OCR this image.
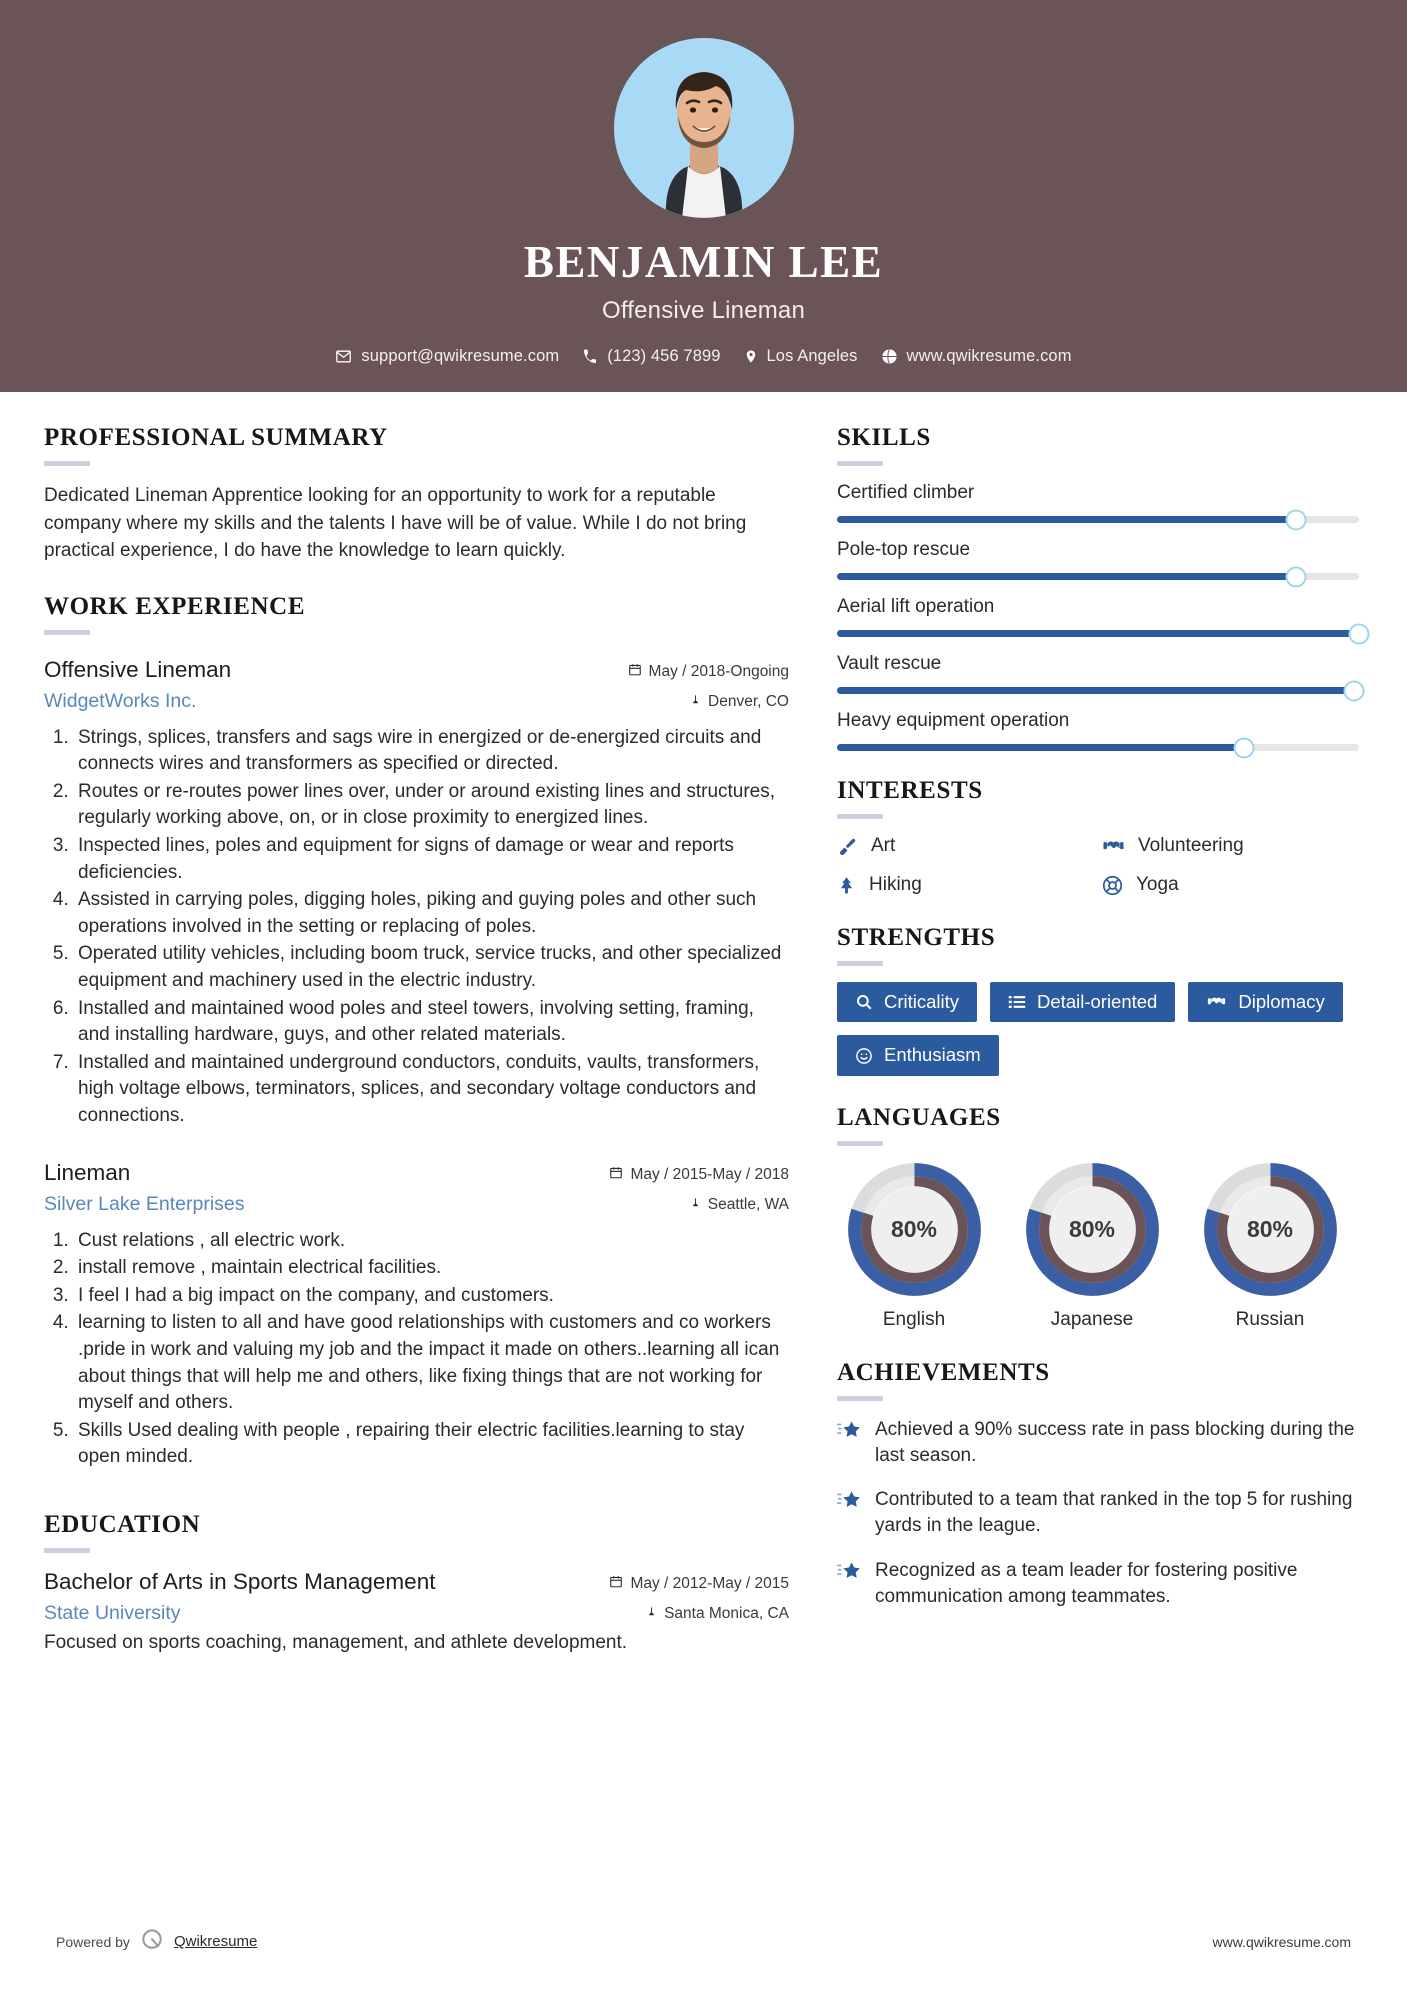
BENJAMIN LEE
Offensive Lineman
support@qwikresume.com	(123) 456 7899	Los Angeles	www.qwikresume.com
PROFESSIONAL SUMMARY

Dedicated Lineman Apprentice looking for an opportunity to work for a reputable company where my skills and the talents I have will be of value. While I do not bring practical experience, I do have the knowledge to learn quickly.

WORK EXPERIENCE
Offensive Lineman	May / 2018-Ongoing
WidgetWorks Inc.	Denver, CO
1. Strings, splices, transfers and sags wire in energized or de-energized circuits and connects wires and transformers as specified or directed.
2. Routes or re-routes power lines over, under or around existing lines and structures, regularly working above, on, or in close proximity to energized lines.
3. Inspected lines, poles and equipment for signs of damage or wear and reports deficiencies.
4. Assisted in carrying poles, digging holes, piking and guying poles and other such operations involved in the setting or replacing of poles.
5. Operated utility vehicles, including boom truck, service trucks, and other specialized equipment and machinery used in the electric industry.
6. Installed and maintained wood poles and steel towers, involving setting, framing, and installing hardware, guys, and other related materials.
7. Installed and maintained underground conductors, conduits, vaults, transformers, high voltage elbows, terminators, splices, and secondary voltage conductors and connections.
Lineman	May / 2015-May / 2018
Silver Lake Enterprises	Seattle, WA
1. Cust relations , all electric work.
2. install remove , maintain electrical facilities.
3. I feel I had a big impact on the company, and customers.
4. learning to listen to all and have good relationships with customers and co workers .pride in work and valuing my job and the impact it made on others..learning all ican about things that will help me and others, like fixing things that are not working for myself and others.
5. Skills Used dealing with people , repairing their electric facilities.learning to stay open minded.
EDUCATION
Bachelor of Arts in Sports Management	May / 2012-May / 2015
State University	Santa Monica, CA
Focused on sports coaching, management, and athlete development.
SKILLS
Certified climber
Pole-top rescue
Aerial lift operation
Vault rescue
Heavy equipment operation
INTERESTS
Art	Volunteering
Hiking	Yoga
STRENGTHS
Criticality	Detail-oriented	Diplomacy
Enthusiasm
LANGUAGES
80%
English
80%
Japanese
80%
Russian
ACHIEVEMENTS
Achieved a 90% success rate in pass blocking during the last season.
Contributed to a team that ranked in the top 5 for rushing yards in the league.
Recognized as a team leader for fostering positive communication among teammates.
Powered by	Qwikresume	www.qwikresume.com
